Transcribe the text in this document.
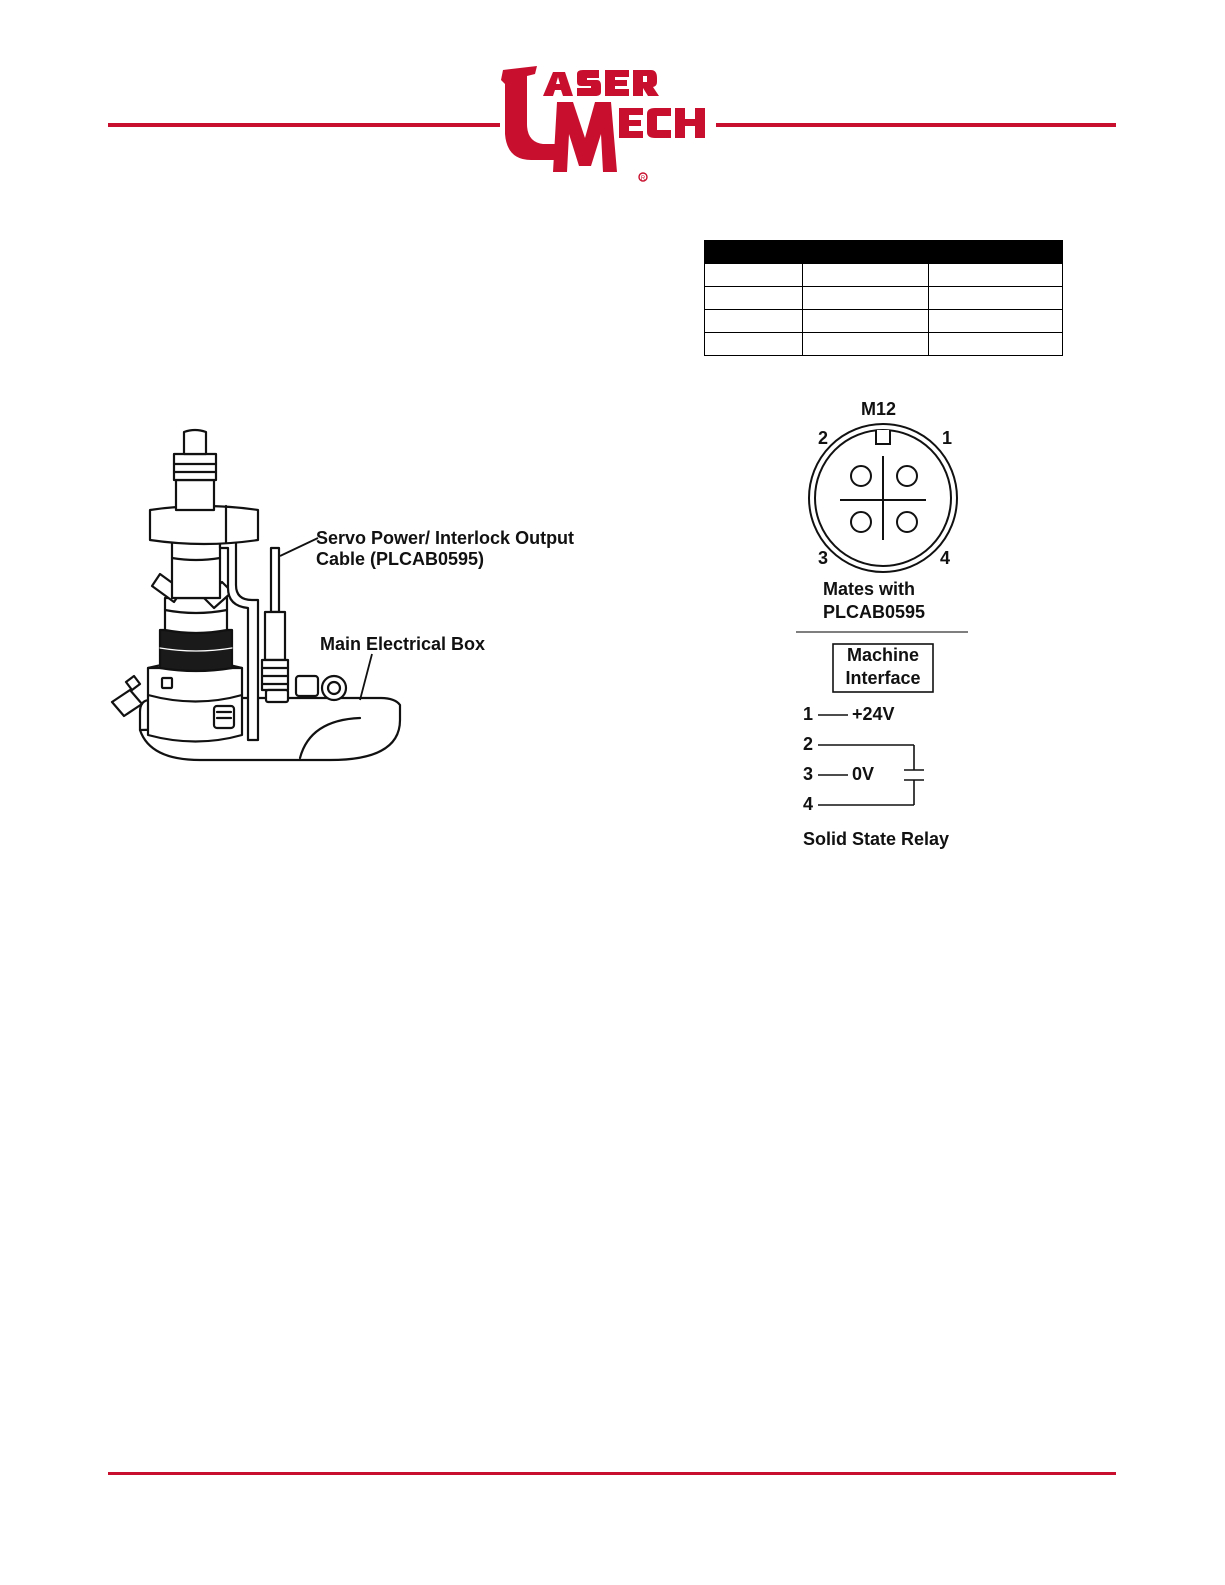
R

Servo Power/ Interlock Output
Cable (PLCAB0595)
Main Electrical Box
M12
1
2
3	4
Mates with
PLCAB0595
Machine
Interface
1 +24V
2
3 0V
4
Solid State Relay
